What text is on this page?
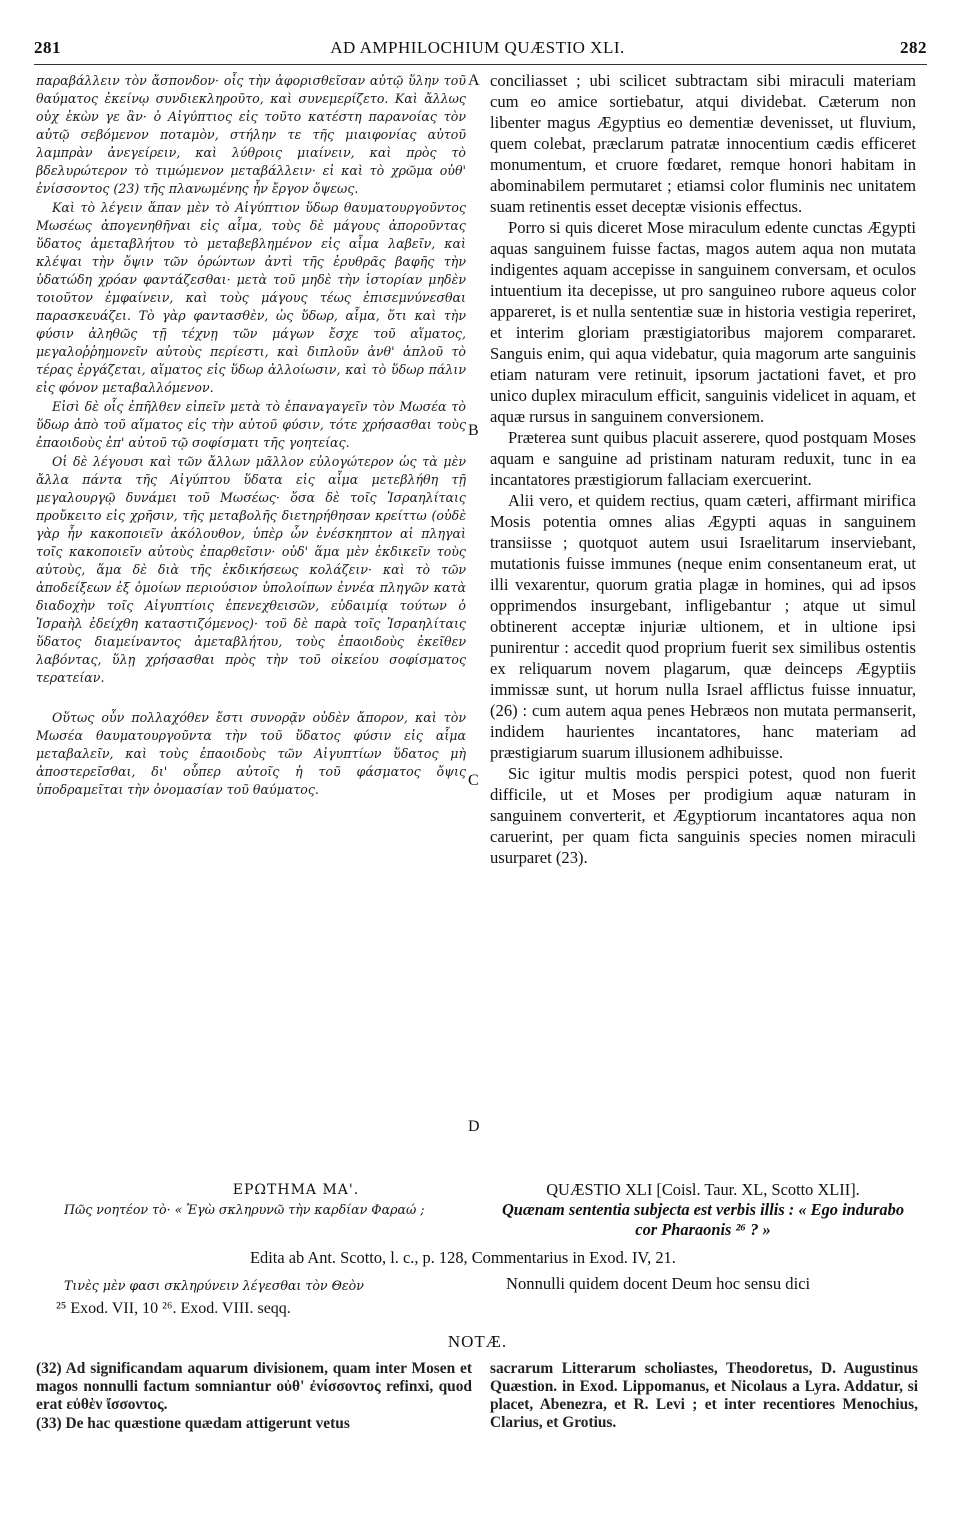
281	AD AMPHILOCHIUM QUÆSTIO XLI.	282

παραβάλλειν τὸν ἄσπονδον· οἷς τὴν ἀφορισθεῖσαν αὐτῷ ὕλην τοῦ θαύματος ἐκείνῳ συνδιεκληροῦτο, καὶ συνεμερίζετο. Καὶ ἄλλως οὐχ ἑκὼν γε ἂν· ὁ Αἰγύπτιος εἰς τοῦτο κατέστη παρανοίας τὸν αὐτῷ σεβόμενον ποταμὸν, στήλην τε τῆς μιαιφονίας αὐτοῦ λαμπρὰν ἀνεγείρειν, καὶ λύθροις μιαίνειν, καὶ πρὸς τὸ βδελυρώτερον τὸ τιμώμενον μεταβάλλειν· εἰ καὶ τὸ χρῶμα οὐθ' ἐνίσσοντος (23) τῆς πλανωμένης ἦν ἔργον ὄψεως.

Καὶ τὸ λέγειν ἅπαν μὲν τὸ Αἰγύπτιον ὕδωρ θαυματουργοῦντος Μωσέως ἀπογενηθῆναι εἰς αἷμα, τοὺς δὲ μάγους ἀποροῦντας ὕδατος ἀμεταβλήτου τὸ μεταβεβλημένον εἰς αἷμα λαβεῖν, καὶ κλέψαι τὴν ὄψιν τῶν ὁρώντων ἀντὶ τῆς ἐρυθρᾶς βαφῆς τὴν ὑδατώδη χρόαν φαντάζεσθαι· μετὰ τοῦ μηδὲ τὴν ἱστορίαν μηδὲν τοιοῦτον ἐμφαίνειν, καὶ τοὺς μάγους τέως ἐπισεμνύνεσθαι παρασκευάζει. Τὸ γὰρ φαντασθὲν, ὡς ὕδωρ, αἷμα, ὅτι καὶ τὴν φύσιν ἀληθῶς τῇ τέχνῃ τῶν μάγων ἔσχε τοῦ αἵματος, μεγαλοῤῥημονεῖν αὐτοὺς περίεστι, καὶ διπλοῦν ἀνθ' ἁπλοῦ τὸ τέρας ἐργάζεται, αἵματος εἰς ὕδωρ ἀλλοίωσιν, καὶ τὸ ὕδωρ πάλιν εἰς φόνον μεταβαλλόμενον.

Εἰσὶ δὲ οἷς ἐπῆλθεν εἰπεῖν μετὰ τὸ ἐπαναγαγεῖν τὸν Μωσέα τὸ ὕδωρ ἀπὸ τοῦ αἵματος εἰς τὴν αὐτοῦ φύσιν, τότε χρήσασθαι τοὺς ἐπαοιδοὺς ἐπ' αὐτοῦ τῷ σοφίσματι τῆς γοητείας.

Οἱ δὲ λέγουσι καὶ τῶν ἄλλων μᾶλλον εὐλογώτερον ὡς τὰ μὲν ἄλλα πάντα τῆς Αἰγύπτου ὕδατα εἰς αἷμα μετεβλήθη τῇ μεγαλουργῷ δυνάμει τοῦ Μωσέως· ὅσα δὲ τοῖς Ἰσραηλίταις προὔκειτο εἰς χρῆσιν, τῆς μεταβολῆς διετηρήθησαν κρείττω (οὐδὲ γὰρ ἦν κακοποιεῖν ἀκόλουθον, ὑπὲρ ὧν ἐνέσκηπτον αἱ πληγαὶ τοῖς κακοποιεῖν αὐτοὺς ἐπαρθεῖσιν· οὐδ' ἅμα μὲν ἐκδικεῖν τοὺς αὐτοὺς, ἅμα δὲ διὰ τῆς ἐκδικήσεως κολάζειν· καὶ τὸ τῶν ἀποδείξεων ἐξ ὁμοίων περιούσιον ὑπολοίπων ἐννέα πληγῶν κατὰ διαδοχὴν τοῖς Αἰγυπτίοις ἐπενεχθεισῶν, εὐδαιμίᾳ τούτων ὁ Ἰσραὴλ ἐδείχθη καταστιζόμενος)· τοῦ δὲ παρὰ τοῖς Ἰσραηλίταις ὕδατος διαμείναντος ἀμεταβλήτου, τοὺς ἐπαοιδοὺς ἐκεῖθεν λαβόντας, ὕλῃ χρήσασθαι πρὸς τὴν τοῦ οἰκείου σοφίσματος τερατείαν.

Οὕτως οὖν πολλαχόθεν ἔστι συνορᾷν οὐδὲν ἄπορον, καὶ τὸν Μωσέα θαυματουργοῦντα τὴν τοῦ ὕδατος φύσιν εἰς αἷμα μεταβαλεῖν, καὶ τοὺς ἐπαοιδοὺς τῶν Αἰγυπτίων ὕδατος μὴ ἀποστερεῖσθαι, δι' οὗπερ αὐτοῖς ἡ τοῦ φάσματος ὄψις ὑποδραμεῖται τὴν ὀνομασίαν τοῦ θαύματος.

A
B
C
D

conciliasset ; ubi scilicet subtractam sibi miraculi materiam cum eo amice sortiebatur, atqui dividebat. Cæterum non libenter magus Ægyptius eo dementiæ devenisset, ut fluvium, quem colebat, præclarum patratæ innocentium cædis efficeret monumentum, et cruore fœdaret, remque honori habitam in abominabilem permutaret ; etiamsi color fluminis nec unitatem suam retinentis esset deceptæ visionis effectus.

Porro si quis diceret Mose miraculum edente cunctas Ægypti aquas sanguinem fuisse factas, magos autem aqua non mutata indigentes aquam accepisse in sanguinem conversam, et oculos intuentium ita decepisse, ut pro sanguineo rubore aqueus color appareret, is et nulla sententiæ suæ in historia vestigia reperiret, et interim gloriam præstigiatoribus majorem compararet. Sanguis enim, qui aqua videbatur, quia magorum arte sanguinis etiam naturam vere retinuit, ipsorum jactationi favet, et pro unico duplex miraculum efficit, sanguinis videlicet in aquam, et aquæ rursus in sanguinem conversionem.

Præterea sunt quibus placuit asserere, quod postquam Moses aquam e sanguine ad pristinam naturam reduxit, tunc in ea incantatores præstigiorum fallaciam exercuerint.

Alii vero, et quidem rectius, quam cæteri, affirmant mirifica Mosis potentia omnes alias Ægypti aquas in sanguinem transiisse ; quotquot autem usui Israelitarum inserviebant, mutationis fuisse immunes (neque enim consentaneum erat, ut illi vexarentur, quorum gratia plagæ in homines, qui ad ipsos opprimendos insurgebant, infligebantur ; atque ut simul obtinerent acceptæ injuriæ ultionem, et in ultione ipsi punirentur : accedit quod proprium fuerit sex similibus ostentis ex reliquarum novem plagarum, quæ deinceps Ægyptiis immissæ sunt, ut horum nulla Israel afflictus fuisse innuatur, (26) : cum autem aqua penes Hebræos non mutata permanserit, indidem haurientes incantatores, hanc materiam ad præstigiarum suarum illusionem adhibuisse.

Sic igitur multis modis perspici potest, quod non fuerit difficile, ut et Moses per prodigium aquæ naturam in sanguinem converterit, et Ægyptiorum incantatores aqua non caruerint, per quam ficta sanguinis species nomen miraculi usurparet (23).

ΕΡΩΤΗΜΑ ΜΑ'.
Πῶς νοητέον τὸ· « Ἐγὼ σκληρυνῶ τὴν καρδίαν Φαραώ ;
QUÆSTIO XLI [Coisl. Taur. XL, Scotto XLII].
Quænam sententia subjecta est verbis illis : « Ego indurabo cor Pharaonis ²⁶ ? »
Edita ab Ant. Scotto, l. c., p. 128, Commentarius in Exod. IV, 21.
Τινὲς μὲν φασι σκληρύνειν λέγεσθαι τὸν Θεὸν	Nonnulli quidem docent Deum hoc sensu dici
²⁵ Exod. VII, 10 ²⁶. Exod. VIII. seqq.
NOTÆ.

(32) Ad significandam aquarum divisionem, quam inter Mosen et magos nonnulli factum somniantur οὐθ' ἐνίσσοντος refinxi, quod erat εὐθὲν ἴσσοντος.

(33) De hac quæstione quædam attigerunt vetus

sacrarum Litterarum scholiastes, Theodoretus, D. Augustinus Quæstion. in Exod. Lippomanus, et Nicolaus a Lyra. Addatur, si placet, Abenezra, et R. Levi ; et inter recentiores Menochius, Clarius, et Grotius.
